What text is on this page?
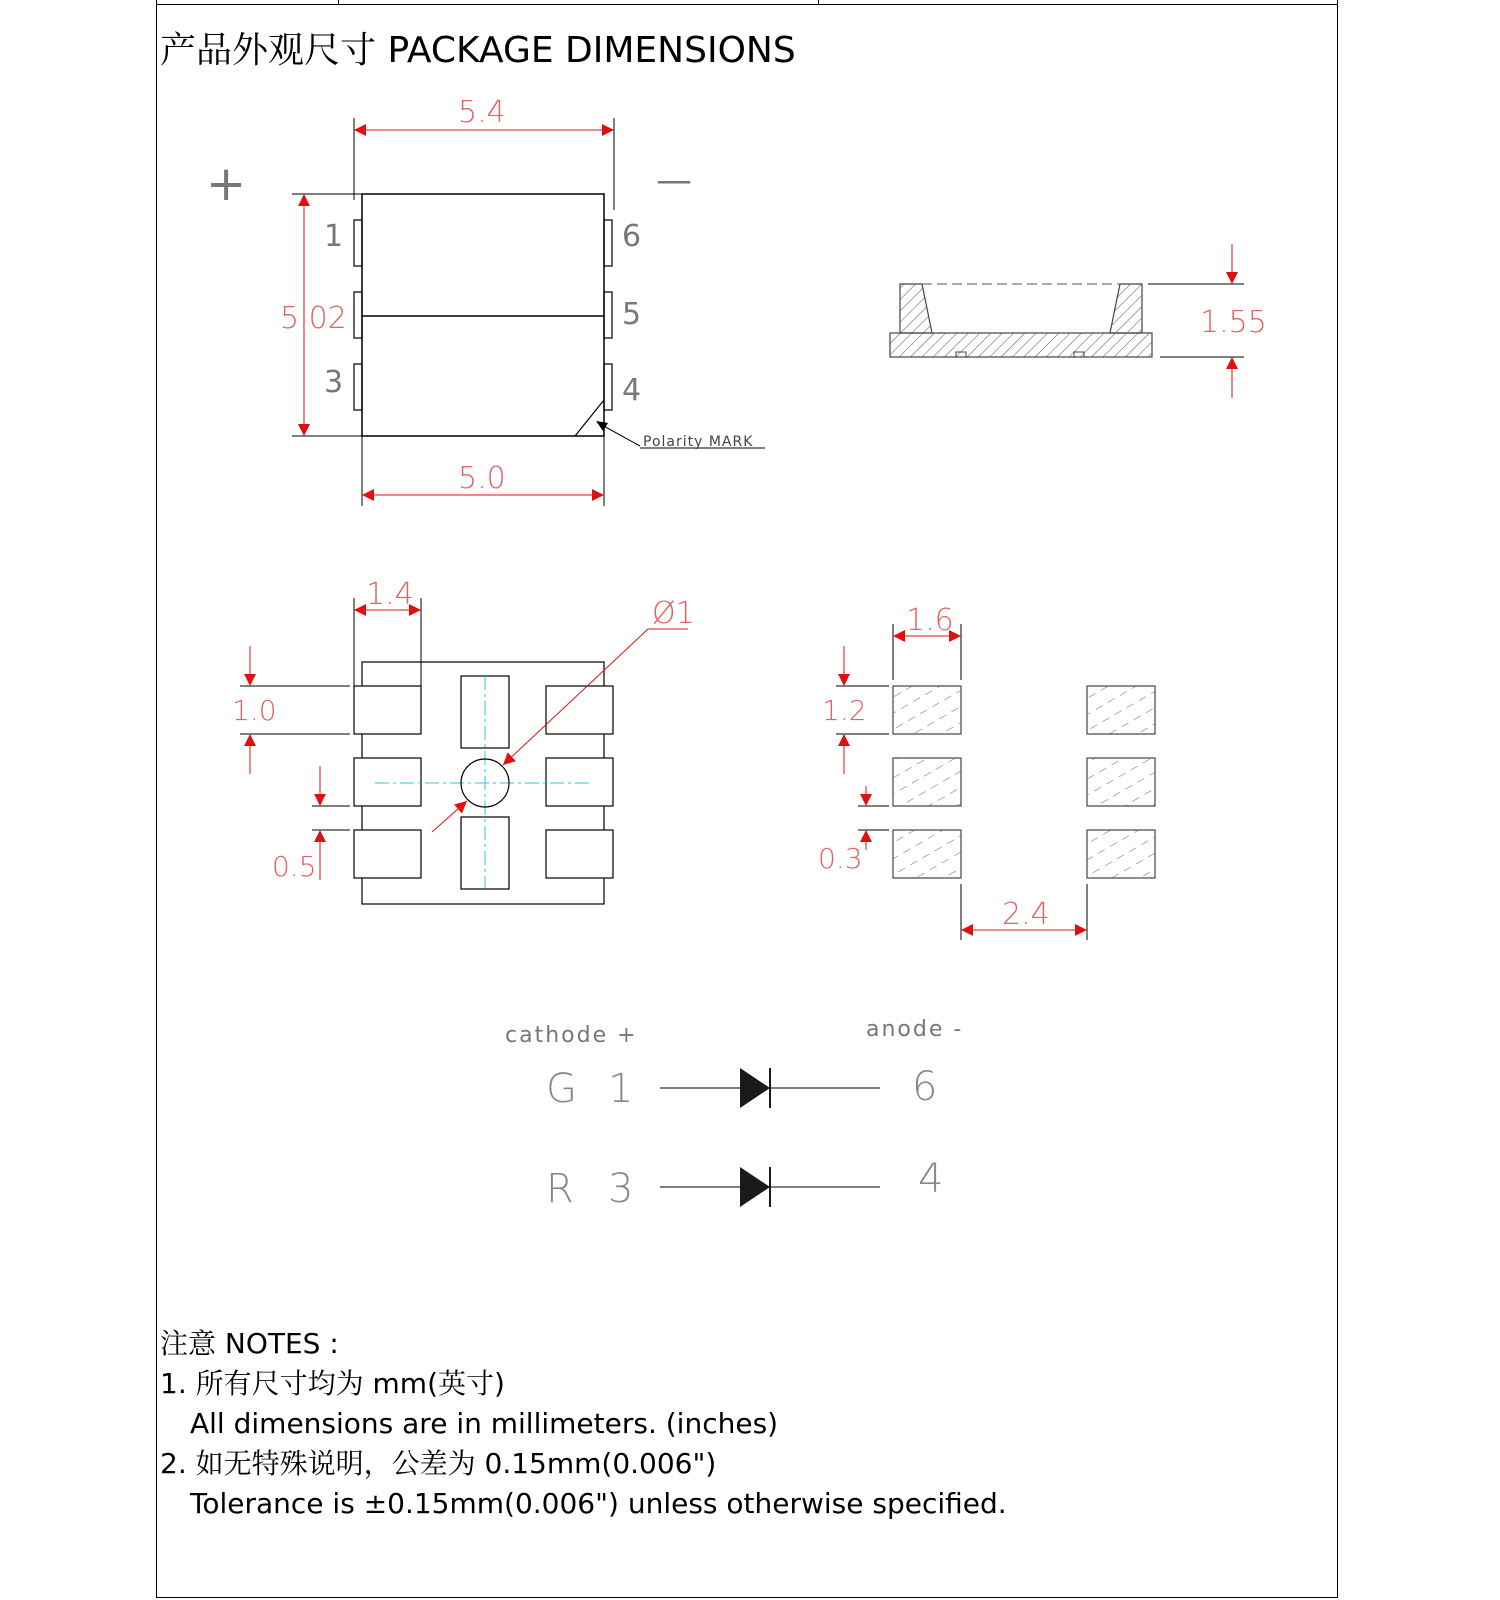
产品外观尺寸 PACKAGE DIMENSIONS
+	—
1
3
6
5
4
Polarity MARK
5.4
5.02
5.0
1.55
Ø1
1.4
1.0
0.5
1.6
1.2
0.3
2.4
cathode +	anode -
G 1	6
R 3	4
注意 NOTES :
1. 所有尺寸均为 mm(英寸)
All dimensions are in millimeters. (inches)
2. 如无特殊说明，公差为 0.15mm(0.006")
Tolerance is ±0.15mm(0.006") unless otherwise specified.
